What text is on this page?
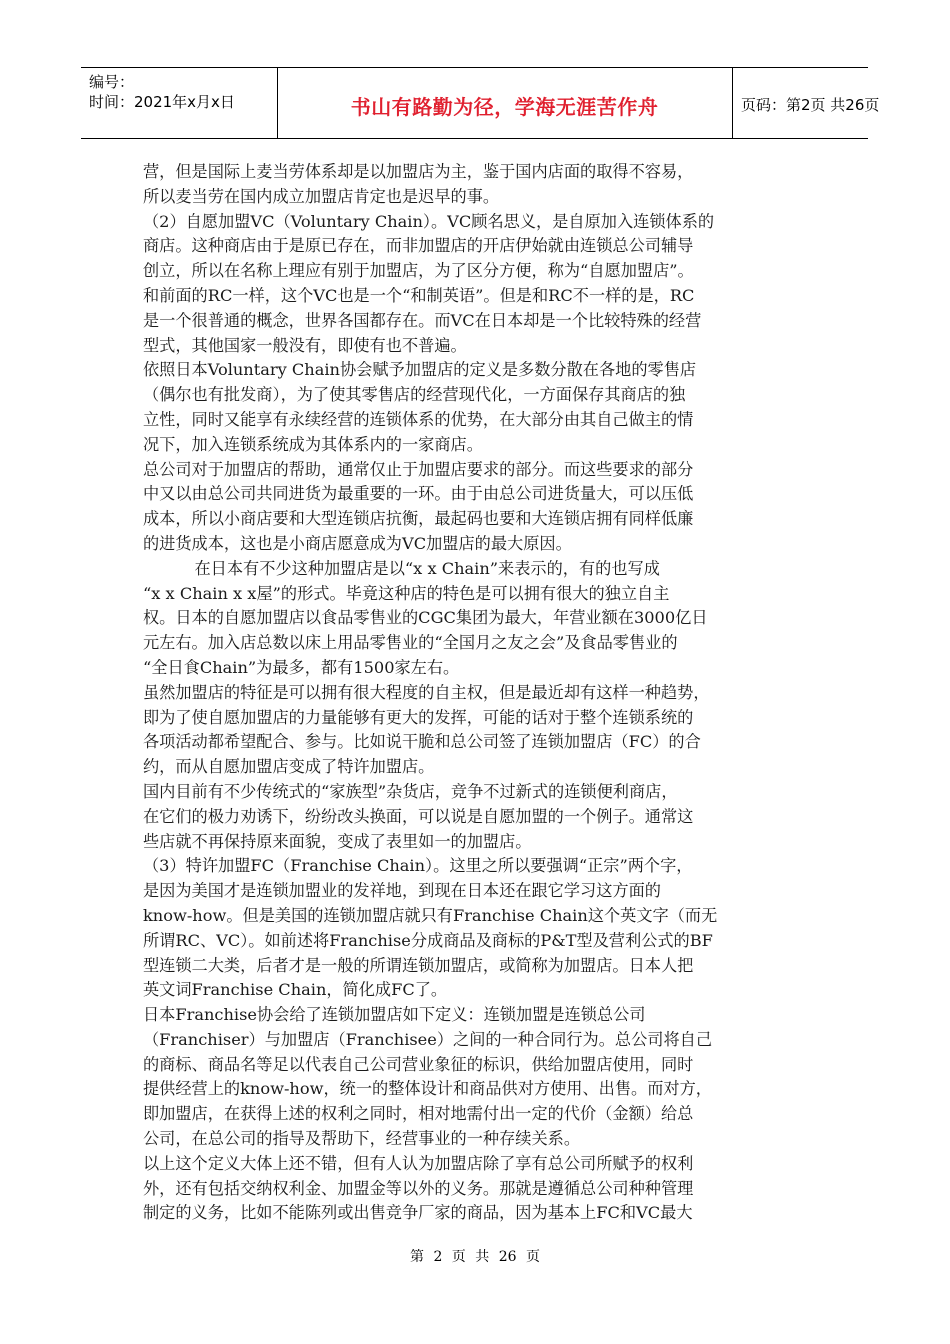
编号：
时间：2021年x月x日	书山有路勤为径，学海无涯苦作舟	页码：第2页 共26页

营，但是国际上麦当劳体系却是以加盟店为主，鉴于国内店面的取得不容易，

所以麦当劳在国内成立加盟店肯定也是迟早的事。

（2）自愿加盟VC（Voluntary Chain）。VC顾名思义，是自原加入连锁体系的

商店。这种商店由于是原已存在，而非加盟店的开店伊始就由连锁总公司辅导

创立，所以在名称上理应有别于加盟店，为了区分方便，称为“自愿加盟店”。

和前面的RC一样，这个VC也是一个“和制英语”。但是和RC不一样的是，RC

是一个很普通的概念，世界各国都存在。而VC在日本却是一个比较特殊的经营

型式，其他国家一般没有，即使有也不普遍。

依照日本Voluntary Chain协会赋予加盟店的定义是多数分散在各地的零售店

（偶尔也有批发商），为了使其零售店的经营现代化，一方面保存其商店的独

立性，同时又能享有永续经营的连锁体系的优势，在大部分由其自己做主的情

况下，加入连锁系统成为其体系内的一家商店。

总公司对于加盟店的帮助，通常仅止于加盟店要求的部分。而这些要求的部分

中又以由总公司共同进货为最重要的一环。由于由总公司进货量大，可以压低

成本，所以小商店要和大型连锁店抗衡，最起码也要和大连锁店拥有同样低廉

的进货成本，这也是小商店愿意成为VC加盟店的最大原因。

在日本有不少这种加盟店是以“x x Chain”来表示的，有的也写成

“x x Chain x x屋”的形式。毕竟这种店的特色是可以拥有很大的独立自主

权。日本的自愿加盟店以食品零售业的CGC集团为最大，年营业额在3000亿日

元左右。加入店总数以床上用品零售业的“全国月之友之会”及食品零售业的

“全日食Chain”为最多，都有1500家左右。

虽然加盟店的特征是可以拥有很大程度的自主权，但是最近却有这样一种趋势，

即为了使自愿加盟店的力量能够有更大的发挥，可能的话对于整个连锁系统的

各项活动都希望配合、参与。比如说干脆和总公司签了连锁加盟店（FC）的合

约，而从自愿加盟店变成了特许加盟店。

国内目前有不少传统式的“家族型”杂货店，竞争不过新式的连锁便利商店，

在它们的极力劝诱下，纷纷改头换面，可以说是自愿加盟的一个例子。通常这

些店就不再保持原来面貌，变成了表里如一的加盟店。

（3）特许加盟FC（Franchise Chain）。这里之所以要强调“正宗”两个字，

是因为美国才是连锁加盟业的发祥地，到现在日本还在跟它学习这方面的

know-how。但是美国的连锁加盟店就只有Franchise Chain这个英文字（而无

所谓RC、VC）。如前述将Franchise分成商品及商标的P&T型及营利公式的BF

型连锁二大类，后者才是一般的所谓连锁加盟店，或简称为加盟店。日本人把

英文词Franchise Chain，简化成FC了。

日本Franchise协会给了连锁加盟店如下定义：连锁加盟是连锁总公司

（Franchiser）与加盟店（Franchisee）之间的一种合同行为。总公司将自己

的商标、商品名等足以代表自己公司营业象征的标识，供给加盟店使用，同时

提供经营上的know-how，统一的整体设计和商品供对方使用、出售。而对方，

即加盟店，在获得上述的权利之同时，相对地需付出一定的代价（金额）给总

公司，在总公司的指导及帮助下，经营事业的一种存续关系。

以上这个定义大体上还不错，但有人认为加盟店除了享有总公司所赋予的权利

外，还有包括交纳权利金、加盟金等以外的义务。那就是遵循总公司种种管理

制定的义务，比如不能陈列或出售竞争厂家的商品，因为基本上FC和VC最大

第 2 页 共 26 页
